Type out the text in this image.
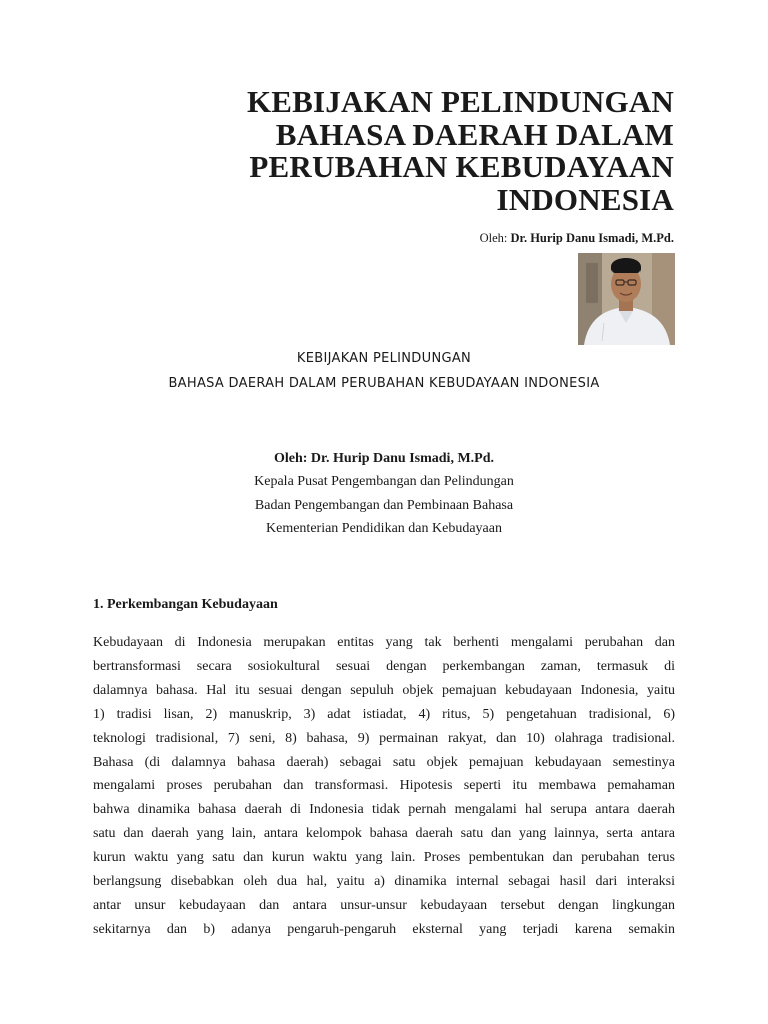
KEBIJAKAN PELINDUNGAN
BAHASA DAERAH DALAM
PERUBAHAN KEBUDAYAAN
INDONESIA
Oleh: Dr. Hurip Danu Ismadi, M.Pd.
KEBIJAKAN PELINDUNGAN
BAHASA DAERAH DALAM PERUBAHAN KEBUDAYAAN INDONESIA
Oleh: Dr. Hurip Danu Ismadi, M.Pd.
Kepala Pusat Pengembangan dan Pelindungan
Badan Pengembangan dan Pembinaan Bahasa
Kementerian Pendidikan dan Kebudayaan
1. Perkembangan Kebudayaan
Kebudayaan di Indonesia merupakan entitas yang tak berhenti mengalami perubahan dan
bertransformasi secara sosiokultural sesuai dengan perkembangan zaman, termasuk di
dalamnya bahasa. Hal itu sesuai dengan sepuluh objek pemajuan kebudayaan Indonesia, yaitu
1) tradisi lisan, 2) manuskrip, 3) adat istiadat, 4) ritus, 5) pengetahuan tradisional, 6)
teknologi tradisional, 7) seni, 8) bahasa, 9) permainan rakyat, dan 10) olahraga tradisional.
Bahasa (di dalamnya bahasa daerah) sebagai satu objek pemajuan kebudayaan semestinya
mengalami proses perubahan dan transformasi. Hipotesis seperti itu membawa pemahaman
bahwa dinamika bahasa daerah di Indonesia tidak pernah mengalami hal serupa antara daerah
satu dan daerah yang lain, antara kelompok bahasa daerah satu dan yang lainnya, serta antara
kurun waktu yang satu dan kurun waktu yang lain. Proses pembentukan dan perubahan terus
berlangsung disebabkan oleh dua hal, yaitu a) dinamika internal sebagai hasil dari interaksi
antar unsur kebudayaan dan antara unsur-unsur kebudayaan tersebut dengan lingkungan
sekitarnya dan b) adanya pengaruh-pengaruh eksternal yang terjadi karena semakin
